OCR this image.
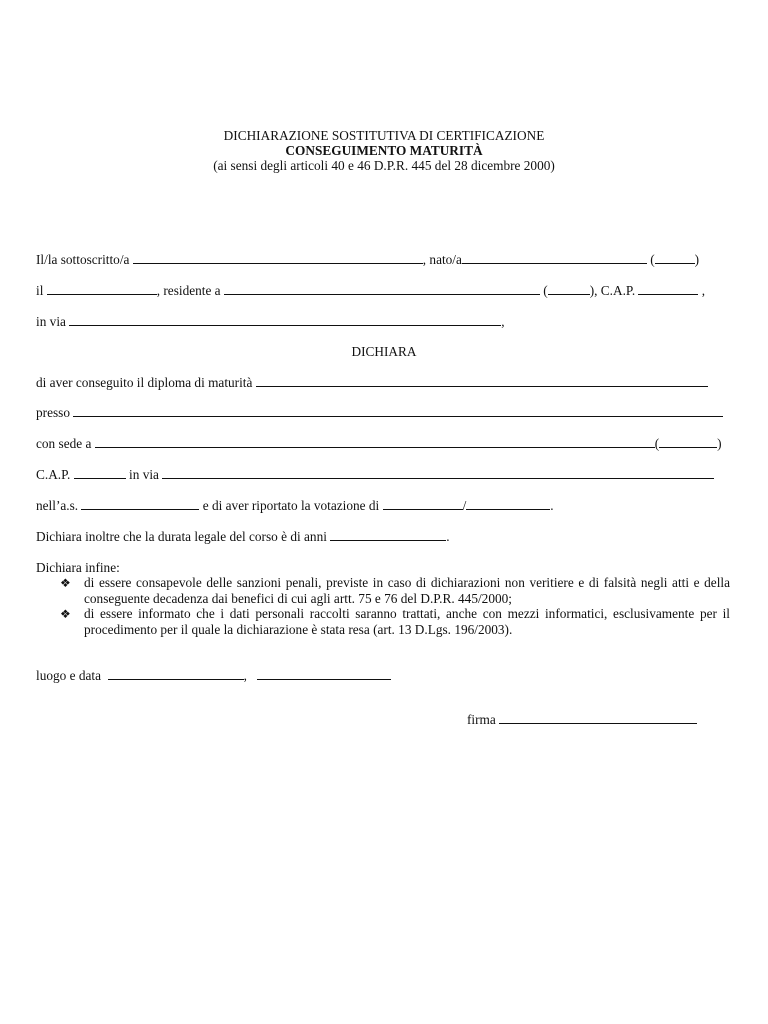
DICHIARAZIONE SOSTITUTIVA DI CERTIFICAZIONE
CONSEGUIMENTO MATURITÀ
(ai sensi degli articoli 40 e 46 D.P.R. 445 del 28 dicembre 2000)
Il/la sottoscritto/a	, nato/a	(	)
il	, residente a	(	), C.A.P.	,
in via	,
DICHIARA
di aver conseguito il diploma di maturità
presso
con sede a	(	)
C.A.P.	in via
nell’a.s.	e di aver riportato la votazione di	/	.
Dichiara inoltre che la durata legale del corso è di anni	.
Dichiara infine:
❖ di essere consapevole delle sanzioni penali, previste in caso di dichiarazioni non veritiere e di falsità negli atti e della conseguente decadenza dai benefici di cui agli artt. 75 e 76 del D.P.R. 445/2000;
❖ di essere informato che i dati personali raccolti saranno trattati, anche con mezzi informatici, esclusivamente per il procedimento per il quale la dichiarazione è stata resa (art. 13 D.Lgs. 196/2003).
luogo e data	,
firma
